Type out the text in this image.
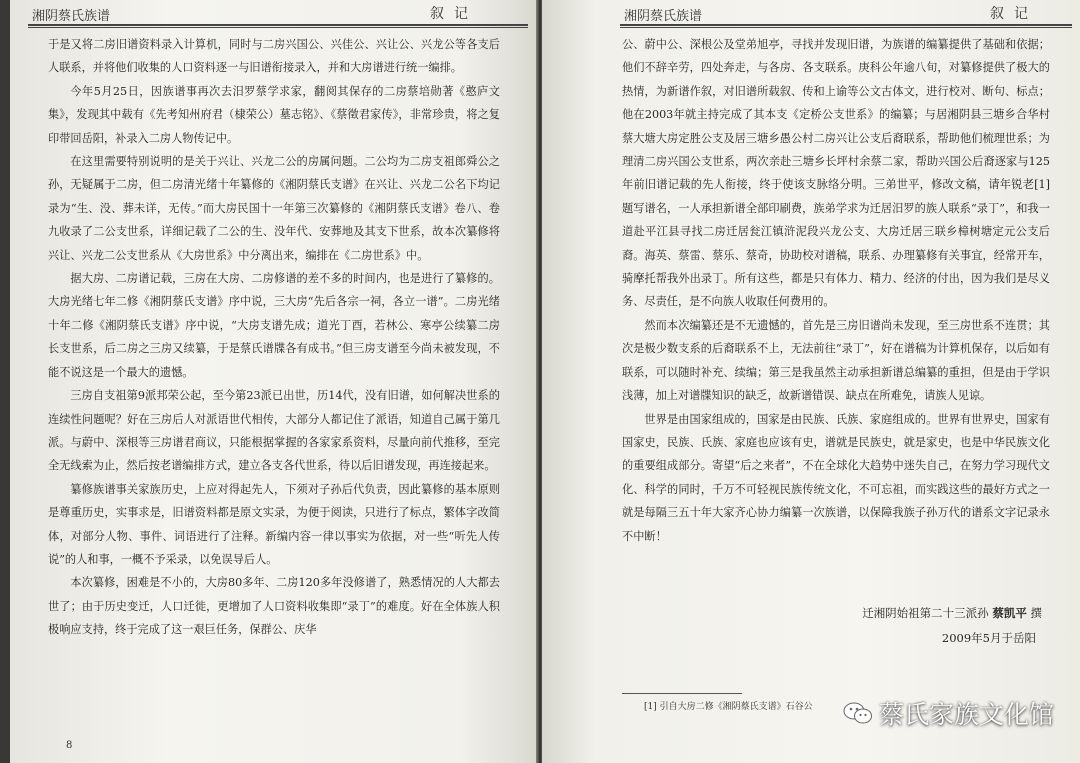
湘阴蔡氏族谱	叙记

于是又将二房旧谱资料录入计算机，同时与二房兴国公、兴佳公、兴让公、兴龙公等各支后人联系，并将他们收集的人口资料逐一与旧谱衔接录入，并和大房谱进行统一编排。

今年5月25日，因族谱事再次去汨罗蔡学求家，翻阅其保存的二房蔡培勋著《憨庐文集》，发现其中载有《先考知州府君（棣荣公）墓志铭》、《蔡徵君家传》，非常珍贵，将之复印带回岳阳，补录入二房人物传记中。

在这里需要特别说明的是关于兴让、兴龙二公的房属问题。二公均为二房支祖郎舜公之孙，无疑属于二房，但二房清光绪十年纂修的《湘阴蔡氏支谱》在兴让、兴龙二公名下均记录为“生、没、葬未详，无传。”而大房民国十一年第三次纂修的《湘阴蔡氏支谱》卷八、卷九收录了二公支世系，详细记载了二公的生、没年代、安葬地及其支下世系，故本次纂修将兴让、兴龙二公支世系从《大房世系》中分离出来，编排在《二房世系》中。

据大房、二房谱记载，三房在大房、二房修谱的差不多的时间内，也是进行了纂修的。大房光绪七年二修《湘阴蔡氏支谱》序中说，三大房“先后各宗一祠，各立一谱”。二房光绪十年二修《湘阴蔡氏支谱》序中说，“大房支谱先成；道光丁酉，若林公、寒亭公续纂二房长支世系，后二房之三房又续纂，于是蔡氏谱牒各有成书。”但三房支谱至今尚未被发现，不能不说这是一个最大的遗憾。

三房自支祖第9派邦荣公起，至今第23派已出世，历14代，没有旧谱，如何解决世系的连续性问题呢？好在三房后人对派语世代相传，大部分人都记住了派语，知道自己属于第几派。与蔚中、深根等三房谱君商议，只能根据掌握的各家家系资料，尽量向前代推移，至完全无线索为止，然后按老谱编排方式，建立各支各代世系，待以后旧谱发现，再连接起来。

纂修族谱事关家族历史，上应对得起先人，下须对子孙后代负责，因此纂修的基本原则是尊重历史，实事求是，旧谱资料都是原文实录，为便于阅读，只进行了标点，繁体字改简体，对部分人物、事件、词语进行了注释。新编内容一律以事实为依据，对一些“听先人传说”的人和事，一概不予采录，以免误导后人。

本次纂修，困难是不小的，大房80多年、二房120多年没修谱了，熟悉情况的人大都去世了；由于历史变迁，人口迁徙，更增加了人口资料收集即“录丁”的难度。好在全体族人积极响应支持，终于完成了这一艰巨任务，保群公、庆华

8
湘阴蔡氏族谱	叙记

公、蔚中公、深根公及堂弟旭亭，寻找并发现旧谱，为族谱的编纂提供了基础和依据；他们不辞辛劳，四处奔走，与各房、各支联系。庚科公年逾八旬，对纂修提供了极大的热情，为新谱作叙，对旧谱所载叙、传和上谕等公文古体文，进行校对、断句、标点；他在2003年就主持完成了其本支《定桥公支世系》的编纂；与居湘阴县三塘乡合华村蔡大塘大房定胜公支及居三塘乡愚公村二房兴让公支后裔联系，帮助他们梳理世系；为理清二房兴国公支世系，两次亲赴三塘乡长坪村余蔡二家，帮助兴国公后裔逐家与125年前旧谱记载的先人衔接，终于使该支脉络分明。三弟世平，修改文稿，请年锐老[1]题写谱名，一人承担新谱全部印刷费，族弟学求为迁居汨罗的族人联系“录丁”，和我一道赴平江县寻找二房迁居瓮江镇浒泥段兴龙公支、大房迁居三联乡樟树塘定元公支后裔。海英、蔡雷、蔡乐、蔡奇，协助校对谱稿，联系、办理纂修有关事宜，经常开车，骑摩托帮我外出录丁。所有这些，都是只有体力、精力、经济的付出，因为我们是尽义务、尽责任，是不向族人收取任何费用的。

然而本次编纂还是不无遗憾的，首先是三房旧谱尚未发现，至三房世系不连贯；其次是极少数支系的后裔联系不上，无法前往“录丁”，好在谱稿为计算机保存，以后如有联系，可以随时补充、续编；第三是我虽然主动承担新谱总编纂的重担，但是由于学识浅薄，加上对谱牒知识的缺乏，故新谱错误、缺点在所难免，请族人见谅。

世界是由国家组成的，国家是由民族、氏族、家庭组成的。世界有世界史，国家有国家史，民族、氏族、家庭也应该有史，谱就是民族史，就是家史，也是中华民族文化的重要组成部分。寄望“后之来者”，不在全球化大趋势中迷失自己，在努力学习现代文化、科学的同时，千万不可轻视民族传统文化，不可忘祖，而实践这些的最好方式之一就是每隔三五十年大家齐心协力编纂一次族谱，以保障我族子孙万代的谱系文字记录永不中断！

迁湘阴始祖第二十三派孙 蔡凯平 撰
2009年5月于岳阳
[1] 引自大房二修《湘阴蔡氏支谱》石谷公	蔡氏家族文化馆
